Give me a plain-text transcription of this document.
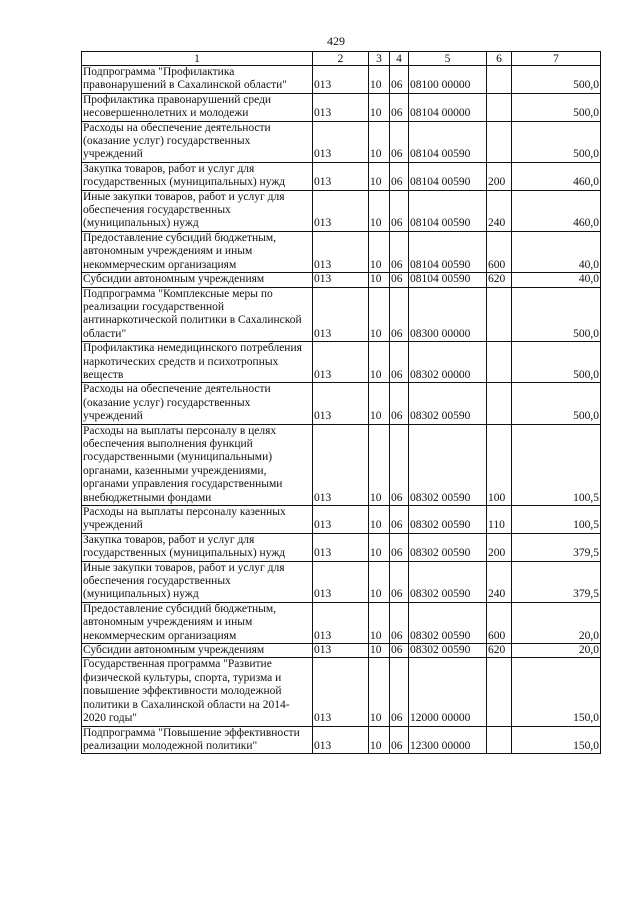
429
1	2	3	4	5	6	7
Подпрограмма "Профилактика правонарушений в Сахалинской области"	013	10	06	08100 00000		500,0
Профилактика правонарушений среди несовершеннолетних и молодежи	013	10	06	08104 00000		500,0
Расходы на обеспечение деятельности (оказание услуг) государственных учреждений	013	10	06	08104 00590		500,0
Закупка товаров, работ и услуг для государственных (муниципальных) нужд	013	10	06	08104 00590	200	460,0
Иные закупки товаров, работ и услуг для обеспечения государственных (муниципальных) нужд	013	10	06	08104 00590	240	460,0
Предоставление субсидий бюджетным, автономным учреждениям и иным некоммерческим организациям	013	10	06	08104 00590	600	40,0
Субсидии автономным учреждениям	013	10	06	08104 00590	620	40,0
Подпрограмма "Комплексные меры по реализации государственной антинаркотической политики в Сахалинской области"	013	10	06	08300 00000		500,0
Профилактика немедицинского потребления наркотических средств и психотропных веществ	013	10	06	08302 00000		500,0
Расходы на обеспечение деятельности (оказание услуг) государственных учреждений	013	10	06	08302 00590		500,0
Расходы на выплаты персоналу в целях обеспечения выполнения функций государственными (муниципальными) органами, казенными учреждениями, органами управления государственными внебюджетными фондами	013	10	06	08302 00590	100	100,5
Расходы на выплаты персоналу казенных учреждений	013	10	06	08302 00590	110	100,5
Закупка товаров, работ и услуг для государственных (муниципальных) нужд	013	10	06	08302 00590	200	379,5
Иные закупки товаров, работ и услуг для обеспечения государственных (муниципальных) нужд	013	10	06	08302 00590	240	379,5
Предоставление субсидий бюджетным, автономным учреждениям и иным некоммерческим организациям	013	10	06	08302 00590	600	20,0
Субсидии автономным учреждениям	013	10	06	08302 00590	620	20,0
Государственная программа "Развитие физической культуры, спорта, туризма и повышение эффективности молодежной политики в Сахалинской области на 2014-2020 годы"	013	10	06	12000 00000		150,0
Подпрограмма "Повышение эффективности реализации молодежной политики"	013	10	06	12300 00000		150,0
